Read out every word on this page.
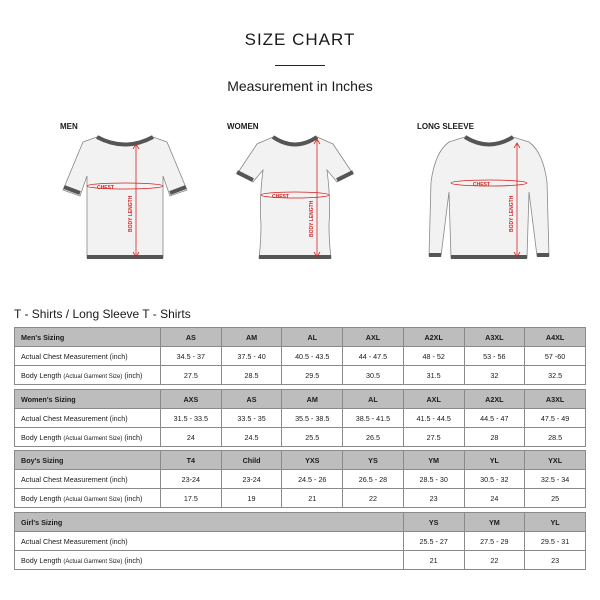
SIZE CHART
Measurement in Inches
MEN
CHEST
BODY LENGTH
WOMEN
CHEST
BODY LENGTH
LONG SLEEVE
CHEST
BODY LENGTH
T - Shirts / Long Sleeve T - Shirts
Men's Sizing	AS	AM	AL	AXL	A2XL	A3XL	A4XL
Actual Chest Measurement (inch)	34.5 - 37	37.5 - 40	40.5 - 43.5	44 - 47.5	48 - 52	53 - 56	57 -60
Body Length (Actual Garment Size) (inch)	27.5	28.5	29.5	30.5	31.5	32	32.5
Women's Sizing	AXS	AS	AM	AL	AXL	A2XL	A3XL
Actual Chest Measurement (inch)	31.5 - 33.5	33.5 - 35	35.5 - 38.5	38.5 - 41.5	41.5 - 44.5	44.5 - 47	47.5 - 49
Body Length (Actual Garment Size) (inch)	24	24.5	25.5	26.5	27.5	28	28.5
Boy's Sizing	T4	Child	YXS	YS	YM	YL	YXL
Actual Chest Measurement (inch)	23-24	23-24	24.5 - 26	26.5 - 28	28.5 - 30	30.5 - 32	32.5 - 34
Body Length (Actual Garment Size) (inch)	17.5	19	21	22	23	24	25
Girl's Sizing	YS	YM	YL
Actual Chest Measurement (inch)	25.5 - 27	27.5 - 29	29.5 - 31
Body Length (Actual Garment Size) (inch)	21	22	23
